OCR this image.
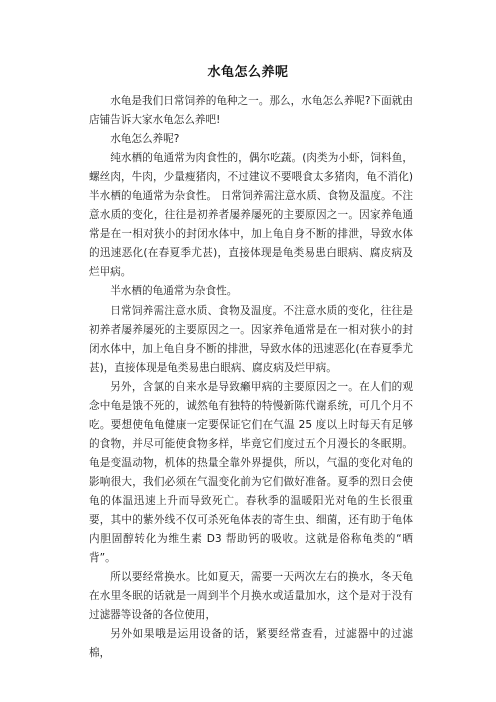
水龟怎么养呢

水龟是我们日常饲养的龟种之一。那么，水龟怎么养呢?下面就由店铺告诉大家水龟怎么养吧!

水龟怎么养呢?

纯水栖的龟通常为肉食性的，偶尔吃蔬。(肉类为小虾，饲料鱼，螺丝肉，牛肉，少量瘦猪肉，不过建议不要喂食太多猪肉，龟不消化)半水栖的龟通常为杂食性。 日常饲养需注意水质、食物及温度。不注意水质的变化，往往是初养者屡养屡死的主要原因之一。因家养龟通常是在一相对狭小的封闭水体中，加上龟自身不断的排泄，导致水体的迅速恶化(在春夏季尤甚)，直接体现是龟类易患白眼病、腐皮病及烂甲病。

半水栖的龟通常为杂食性。

日常饲养需注意水质、食物及温度。不注意水质的变化，往往是初养者屡养屡死的主要原因之一。因家养龟通常是在一相对狭小的封闭水体中，加上龟自身不断的排泄，导致水体的迅速恶化(在春夏季尤甚)，直接体现是龟类易患白眼病、腐皮病及烂甲病。

另外，含氯的自来水是导致癞甲病的主要原因之一。在人们的观念中龟是饿不死的，诚然龟有独特的特慢新陈代谢系统，可几个月不吃。要想使龟龟健康一定要保证它们在气温 25 度以上时每天有足够的食物，并尽可能使食物多样，毕竟它们度过五个月漫长的冬眠期。龟是变温动物，机体的热量全靠外界提供，所以，气温的变化对龟的影响很大，我们必须在气温变化前为它们做好准备。夏季的烈日会使龟的体温迅速上升而导致死亡。春秋季的温暖阳光对龟的生长很重要，其中的紫外线不仅可杀死龟体表的寄生虫、细菌，还有助于龟体内胆固醇转化为维生素 D3 帮助钙的吸收。这就是俗称龟类的“晒背”。

所以要经常换水。比如夏天，需要一天两次左右的换水，冬天龟在水里冬眠的话就是一周到半个月换水或适量加水，这个是对于没有过滤器等设备的各位使用，

另外如果哦是运用设备的话，紧要经常查看，过滤器中的过滤棉，
